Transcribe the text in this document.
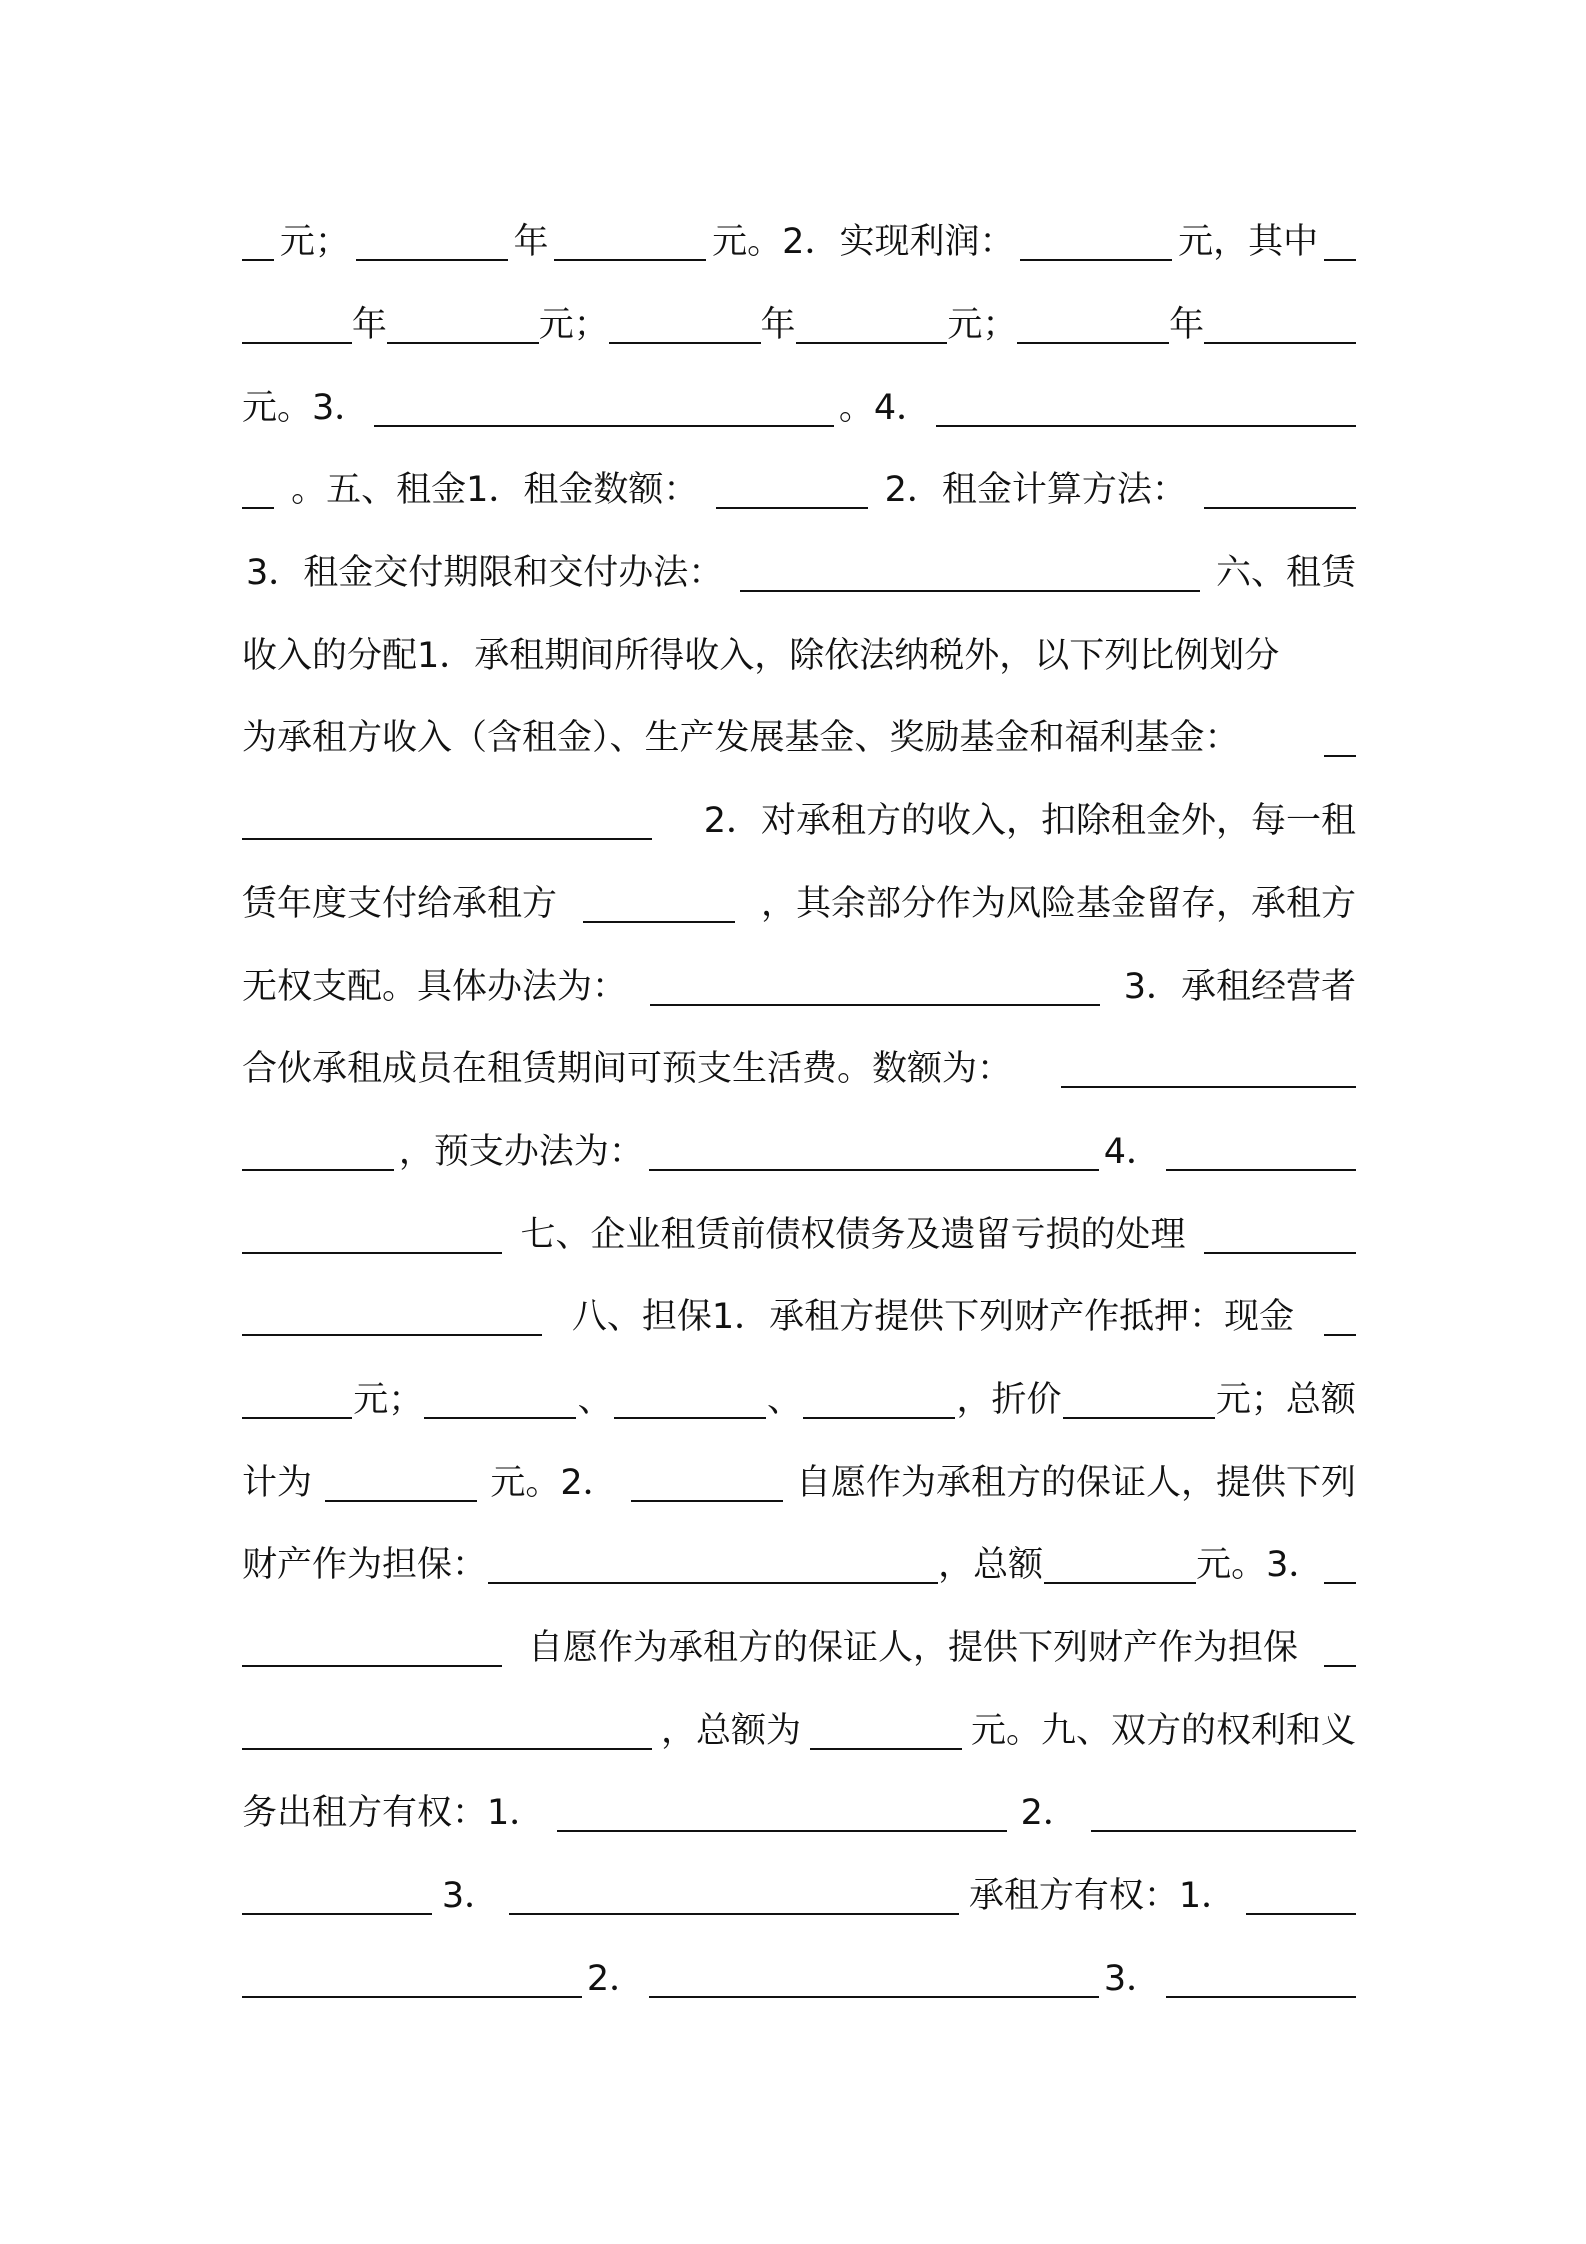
元；	年	元。2．实现利润：	元，其中
年	元；	年	元；	年
元。3．	。4．
。五、租金1．租金数额：	2．租金计算方法：
3．租金交付期限和交付办法：	六、租赁
收入的分配1．承租期间所得收入，除依法纳税外，以下列比例划分
为承租方收入（含租金）、生产发展基金、奖励基金和福利基金：
2．对承租方的收入，扣除租金外，每一租
赁年度支付给承租方	，其余部分作为风险基金留存，承租方
无权支配。具体办法为：	3．承租经营者
合伙承租成员在租赁期间可预支生活费。数额为：
，预支办法为：	4．
七、企业租赁前债权债务及遗留亏损的处理
八、担保1．承租方提供下列财产作抵押：现金
元；	、	、	，折价	元；总额
计为	元。2．	自愿作为承租方的保证人，提供下列
财产作为担保：	，总额	元。3．
自愿作为承租方的保证人，提供下列财产作为担保
，总额为	元。九、双方的权利和义
务出租方有权：1．	2．
3．	承租方有权：1．
2．	3．
